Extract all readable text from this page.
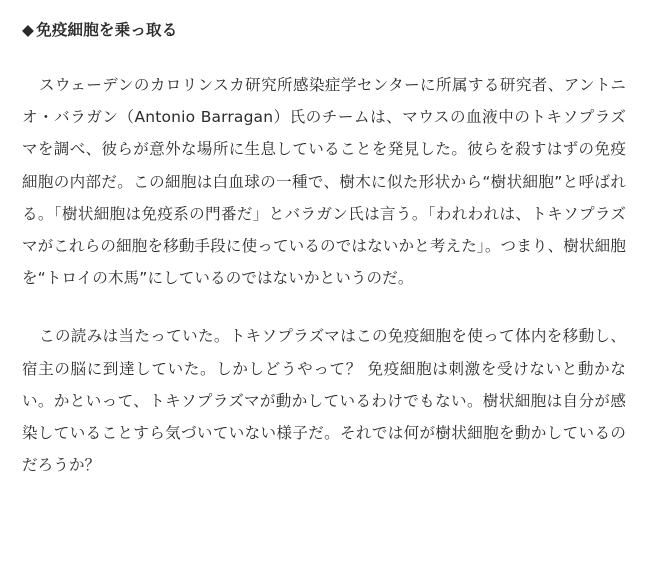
◆ 免疫細胞を乗っ取る

スウェーデンのカロリンスカ研究所感染症学センターに所属する研究者、アントニオ・バラガン（Antonio Barragan）氏のチームは、マウスの血液中のトキソプラズマを調べ、彼らが意外な場所に生息していることを発見した。彼らを殺すはずの免疫細胞の内部だ。この細胞は白血球の一種で、樹木に似た形状から“樹状細胞”と呼ばれる。「樹状細胞は免疫系の門番だ」とバラガン氏は言う。「われわれは、トキソプラズマがこれらの細胞を移動手段に使っているのではないかと考えた」。つまり、樹状細胞を“トロイの木馬”にしているのではないかというのだ。

この読みは当たっていた。トキソプラズマはこの免疫細胞を使って体内を移動し、宿主の脳に到達していた。しかしどうやって？ 免疫細胞は刺激を受けないと動かない。かといって、トキソプラズマが動かしているわけでもない。樹状細胞は自分が感染していることすら気づいていない様子だ。それでは何が樹状細胞を動かしているのだろうか？
